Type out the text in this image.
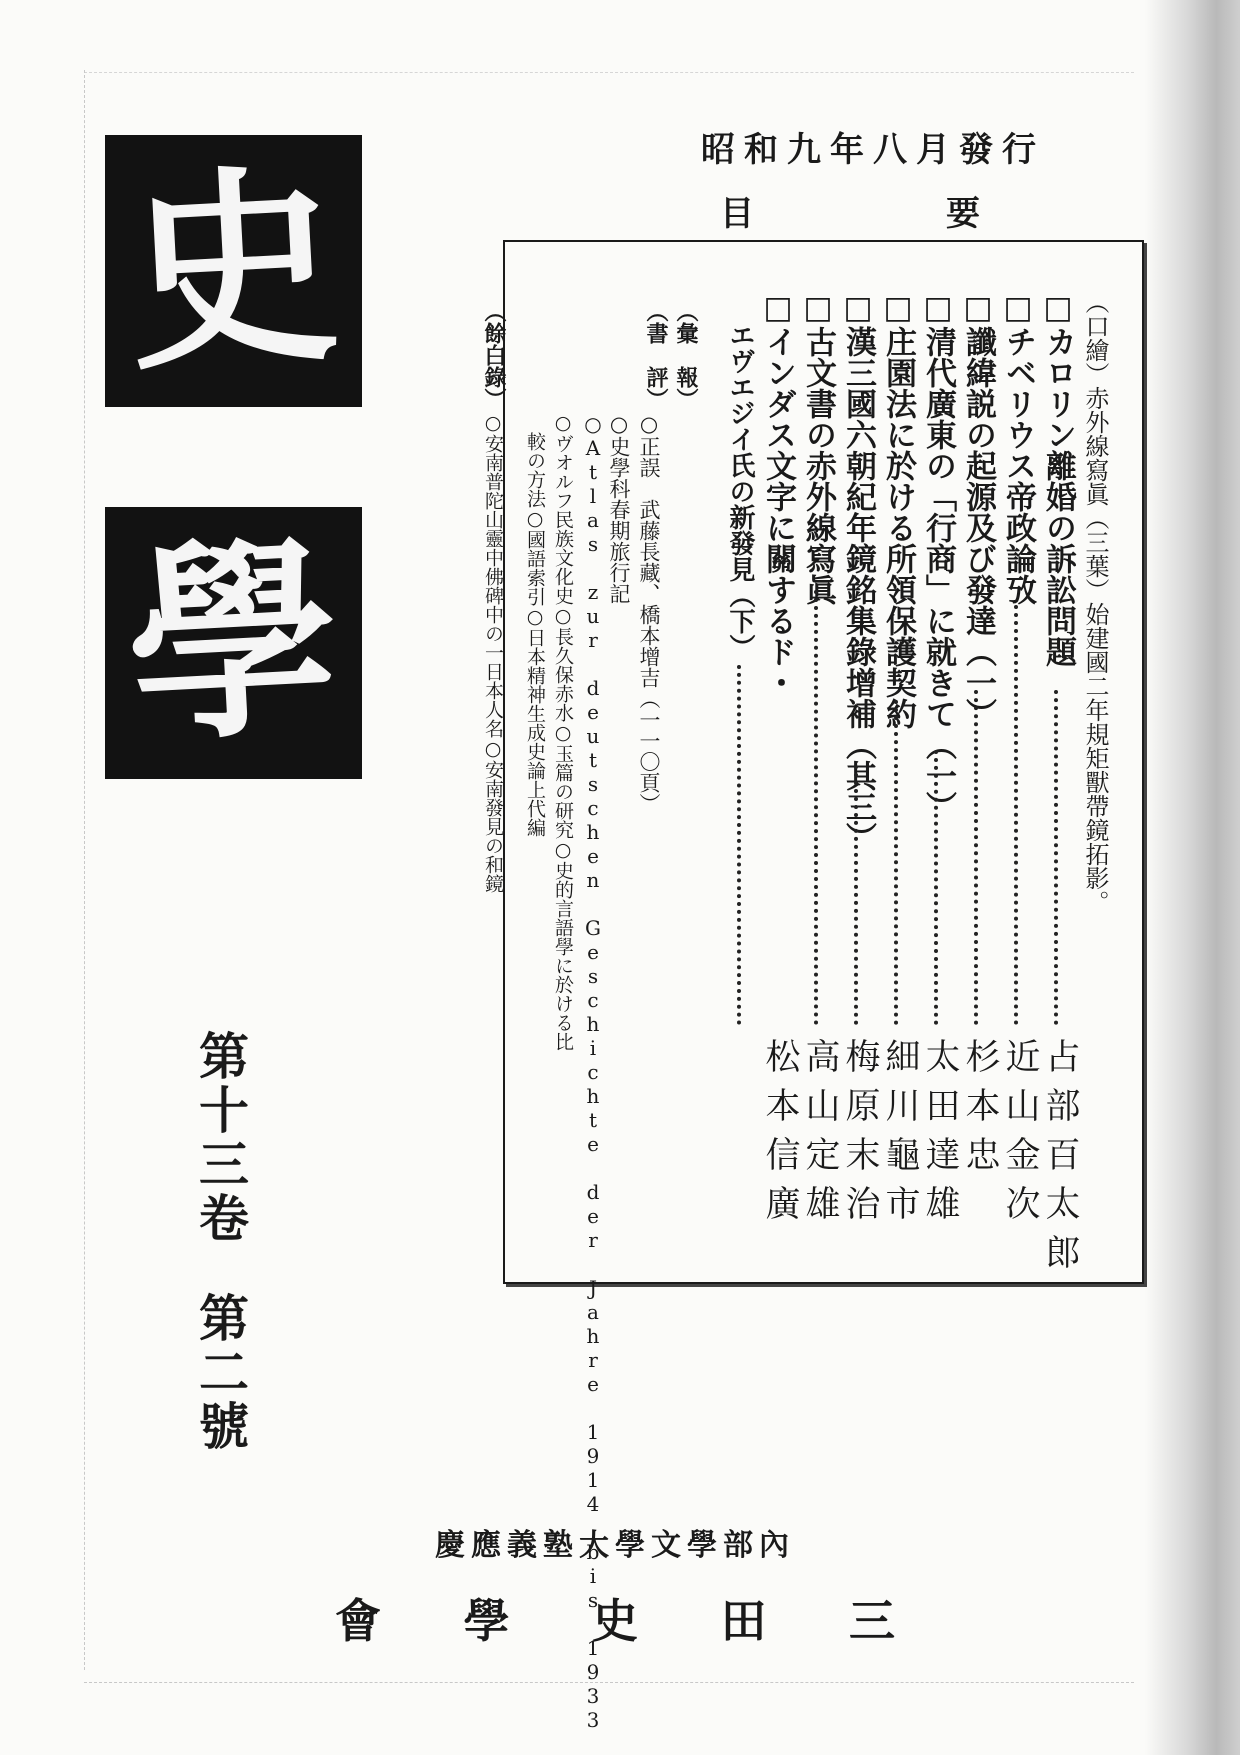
史
學
第十三卷第二號
昭和九年八月發行
要
目
（口繪）赤外線寫眞（三葉）始建國二年規矩獸帶鏡拓影。
□カロリン離婚の訴訟問題
占部百太郎
□チベリウス帝政論攷
近山金次
□讖緯説の起源及び發達（一）
杉本忠
□清代廣東の「行商」に就きて（一）
太田達雄
□庄園法に於ける所領保護契約
細川龜市
□漢三國六朝紀年鏡銘集錄增補（其三）
梅原末治
□古文書の赤外線寫眞
高山定雄
□インダス文字に關するド・
松本信廣
エヴエジイ氏の新發見（下）
（彙　報）
○正誤　武藤長藏、橋本增吉（一一〇頁）
○史學科春期旅行記
（書　評）
○Atlas zur deutschen Geschichte der Jahre 1914 bis 1933
○ヴオルフ民族文化史○長久保赤水○玉篇の研究○史的言語學に於ける比
較の方法○國語索引○日本精神生成史論上代編
（餘白錄）
○安南普陀山靈中佛碑中の一日本人名○安南發見の和鏡
慶應義塾大學文學部內
三
田
史
學
會
